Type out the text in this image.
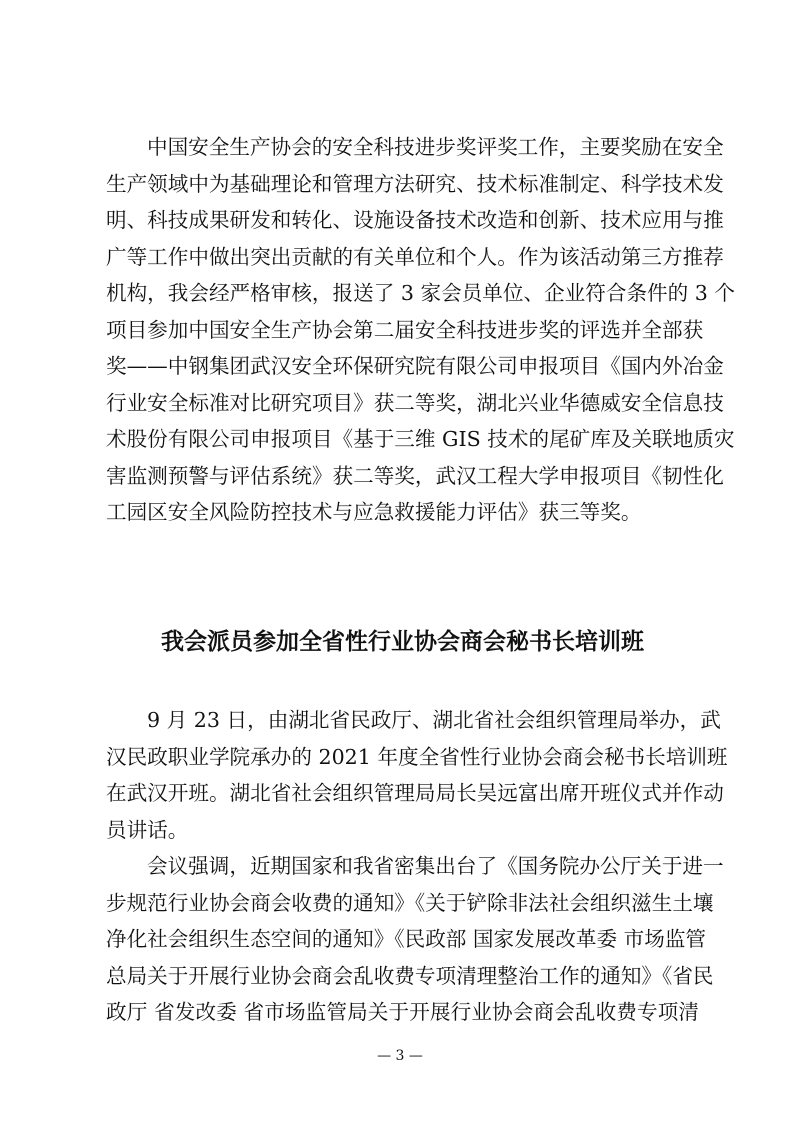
中国安全生产协会的安全科技进步奖评奖工作，主要奖励在安全
生产领域中为基础理论和管理方法研究、技术标准制定、科学技术发
明、科技成果研发和转化、设施设备技术改造和创新、技术应用与推
广等工作中做出突出贡献的有关单位和个人。作为该活动第三方推荐
机构，我会经严格审核，报送了 3 家会员单位、企业符合条件的 3 个
项目参加中国安全生产协会第二届安全科技进步奖的评选并全部获
奖——中钢集团武汉安全环保研究院有限公司申报项目《国内外冶金
行业安全标准对比研究项目》获二等奖，湖北兴业华德威安全信息技
术股份有限公司申报项目《基于三维 GIS 技术的尾矿库及关联地质灾
害监测预警与评估系统》获二等奖，武汉工程大学申报项目《韧性化
工园区安全风险防控技术与应急救援能力评估》获三等奖。
我会派员参加全省性行业协会商会秘书长培训班
9 月 23 日，由湖北省民政厅、湖北省社会组织管理局举办，武
汉民政职业学院承办的 2021 年度全省性行业协会商会秘书长培训班
在武汉开班。湖北省社会组织管理局局长吴远富出席开班仪式并作动
员讲话。
会议强调，近期国家和我省密集出台了《国务院办公厅关于进一
步规范行业协会商会收费的通知》《关于铲除非法社会组织滋生土壤
净化社会组织生态空间的通知》《民政部 国家发展改革委 市场监管
总局关于开展行业协会商会乱收费专项清理整治工作的通知》《省民
政厅 省发改委 省市场监管局关于开展行业协会商会乱收费专项清
— 3 —
